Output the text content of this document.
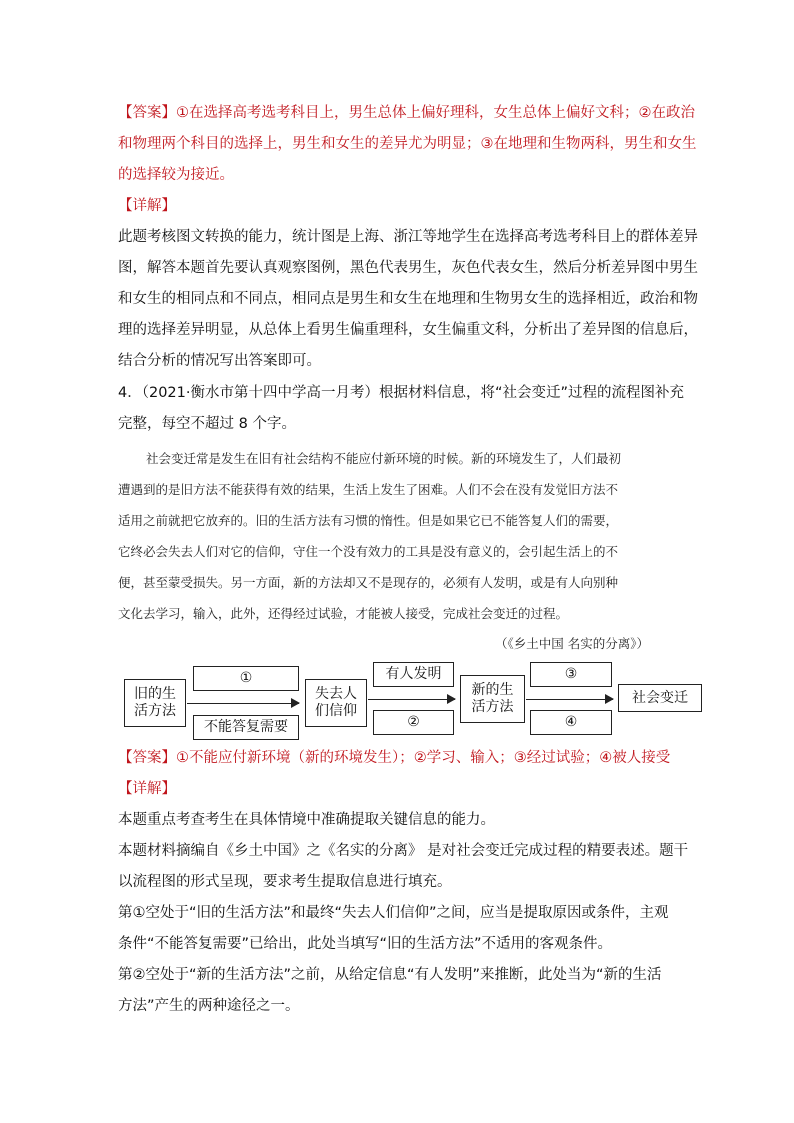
【答案】①在选择高考选考科目上，男生总体上偏好理科，女生总体上偏好文科；②在政治
和物理两个科目的选择上，男生和女生的差异尤为明显；③在地理和生物两科，男生和女生
的选择较为接近。
【详解】
此题考核图文转换的能力，统计图是上海、浙江等地学生在选择高考选考科目上的群体差异
图，解答本题首先要认真观察图例，黑色代表男生，灰色代表女生，然后分析差异图中男生
和女生的相同点和不同点，相同点是男生和女生在地理和生物男女生的选择相近，政治和物
理的选择差异明显，从总体上看男生偏重理科，女生偏重文科，分析出了差异图的信息后，
结合分析的情况写出答案即可。
4．（2021·衡水市第十四中学高一月考）根据材料信息，将“社会变迁”过程的流程图补充
完整，每空不超过 8 个字。
社会变迁常是发生在旧有社会结构不能应付新环境的时候。新的环境发生了，人们最初
遭遇到的是旧方法不能获得有效的结果，生活上发生了困难。人们不会在没有发觉旧方法不
适用之前就把它放弃的。旧的生活方法有习惯的惰性。但是如果它已不能答复人们的需要，
它终必会失去人们对它的信仰，守住一个没有效力的工具是没有意义的，会引起生活上的不
便，甚至蒙受损失。另一方面，新的方法却又不是现存的，必须有人发明，或是有人向别种
文化去学习，输入，此外，还得经过试验，才能被人接受，完成社会变迁的过程。
（《乡土中国 名实的分离》）
旧的生
活方法
①
不能答复需要
失去人
们信仰
有人发明
②
新的生
活方法
③
④
社会变迁
【答案】①不能应付新环境（新的环境发生）；②学习、输入；③经过试验；④被人接受
【详解】
本题重点考查考生在具体情境中准确提取关键信息的能力。
本题材料摘编自《乡土中国》之《名实的分离》 是对社会变迁完成过程的精要表述。题干
以流程图的形式呈现，要求考生提取信息进行填充。
第①空处于“旧的生活方法”和最终“失去人们信仰”之间，应当是提取原因或条件，主观
条件“不能答复需要”已给出，此处当填写“旧的生活方法”不适用的客观条件。
第②空处于“新的生活方法”之前，从给定信息“有人发明”来推断，此处当为“新的生活
方法”产生的两种途径之一。
